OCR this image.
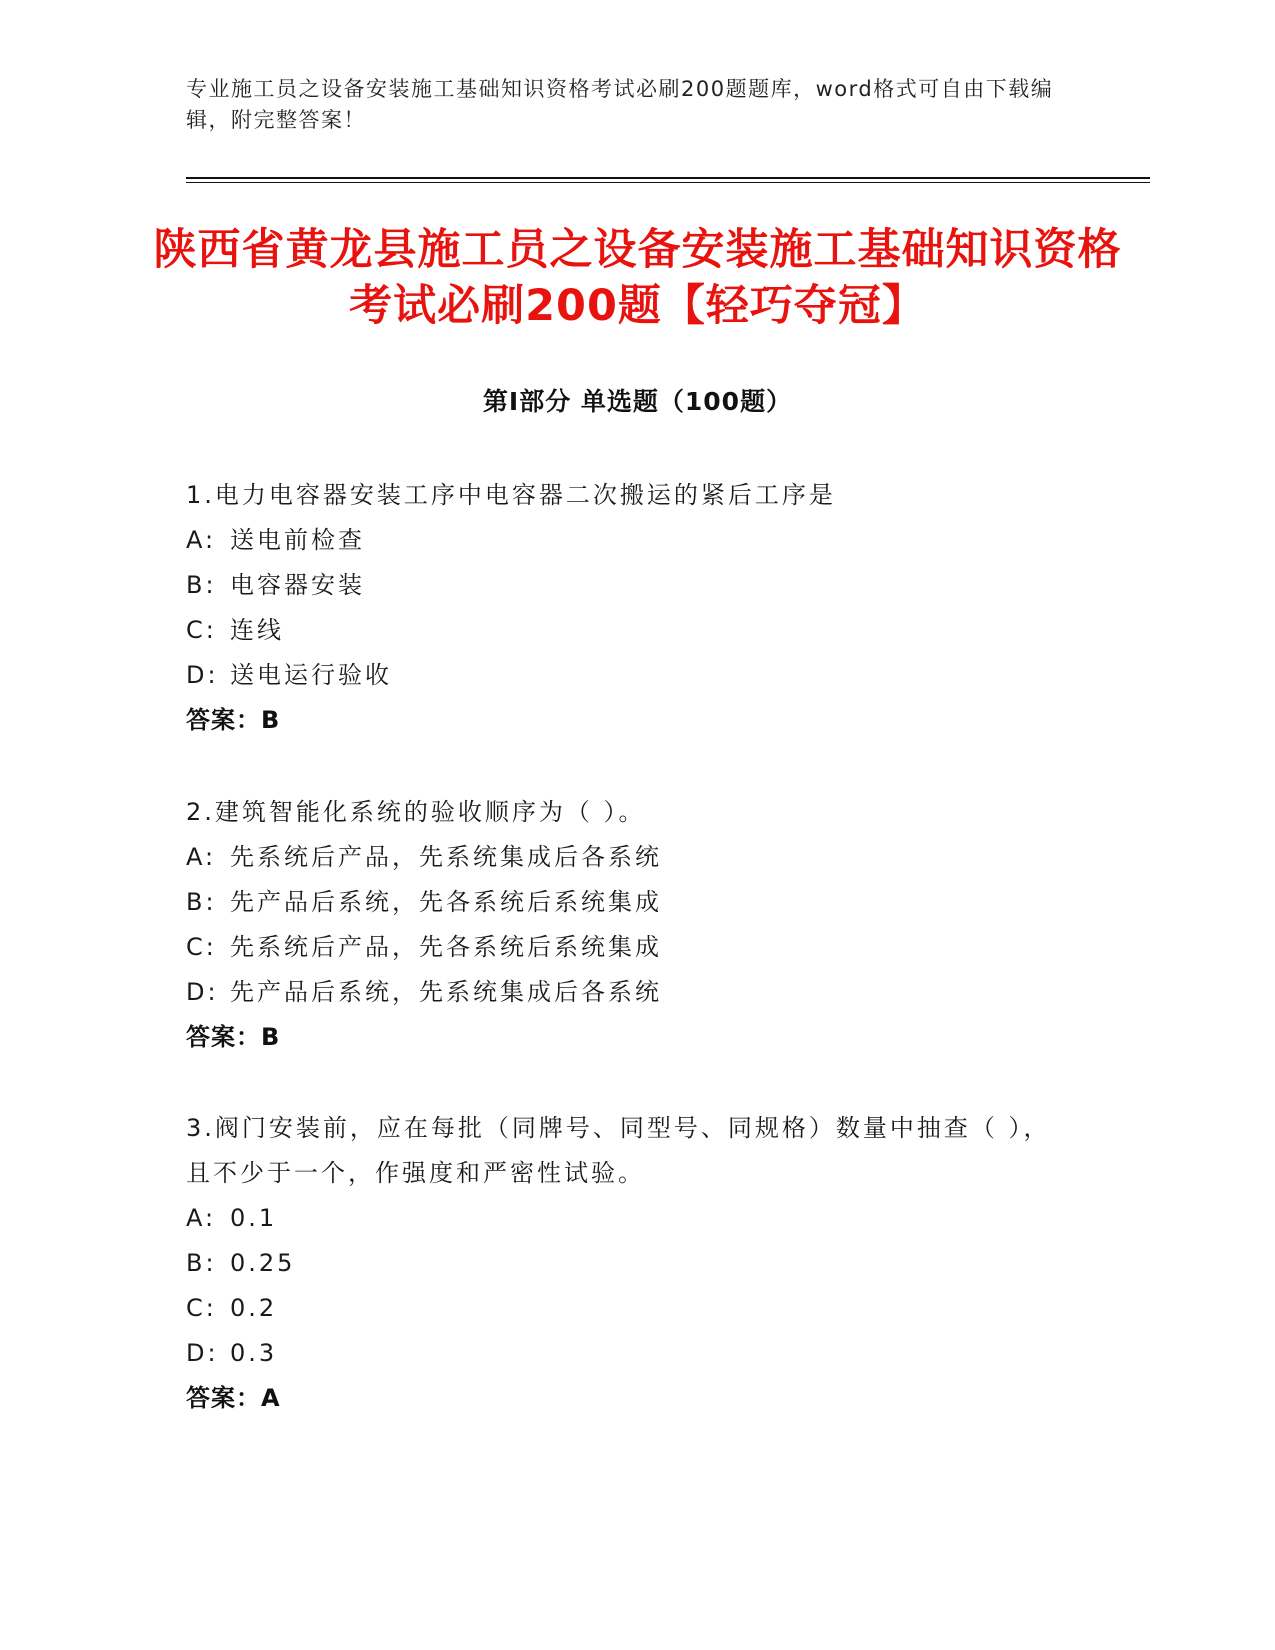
专业施工员之设备安装施工基础知识资格考试必刷200题题库，word格式可自由下载编辑，附完整答案！
陕西省黄龙县施工员之设备安装施工基础知识资格考试必刷200题【轻巧夺冠】
第Ⅰ部分 单选题（100题）
1.电力电容器安装工序中电容器二次搬运的紧后工序是
A: 送电前检查
B: 电容器安装
C: 连线
D: 送电运行验收
答案：B
2.建筑智能化系统的验收顺序为（ ）。
A: 先系统后产品，先系统集成后各系统
B: 先产品后系统，先各系统后系统集成
C: 先系统后产品，先各系统后系统集成
D: 先产品后系统，先系统集成后各系统
答案：B
3.阀门安装前，应在每批（同牌号、同型号、同规格）数量中抽查（ ），且不少于一个，作强度和严密性试验。
A: 0.1
B: 0.25
C: 0.2
D: 0.3
答案：A
